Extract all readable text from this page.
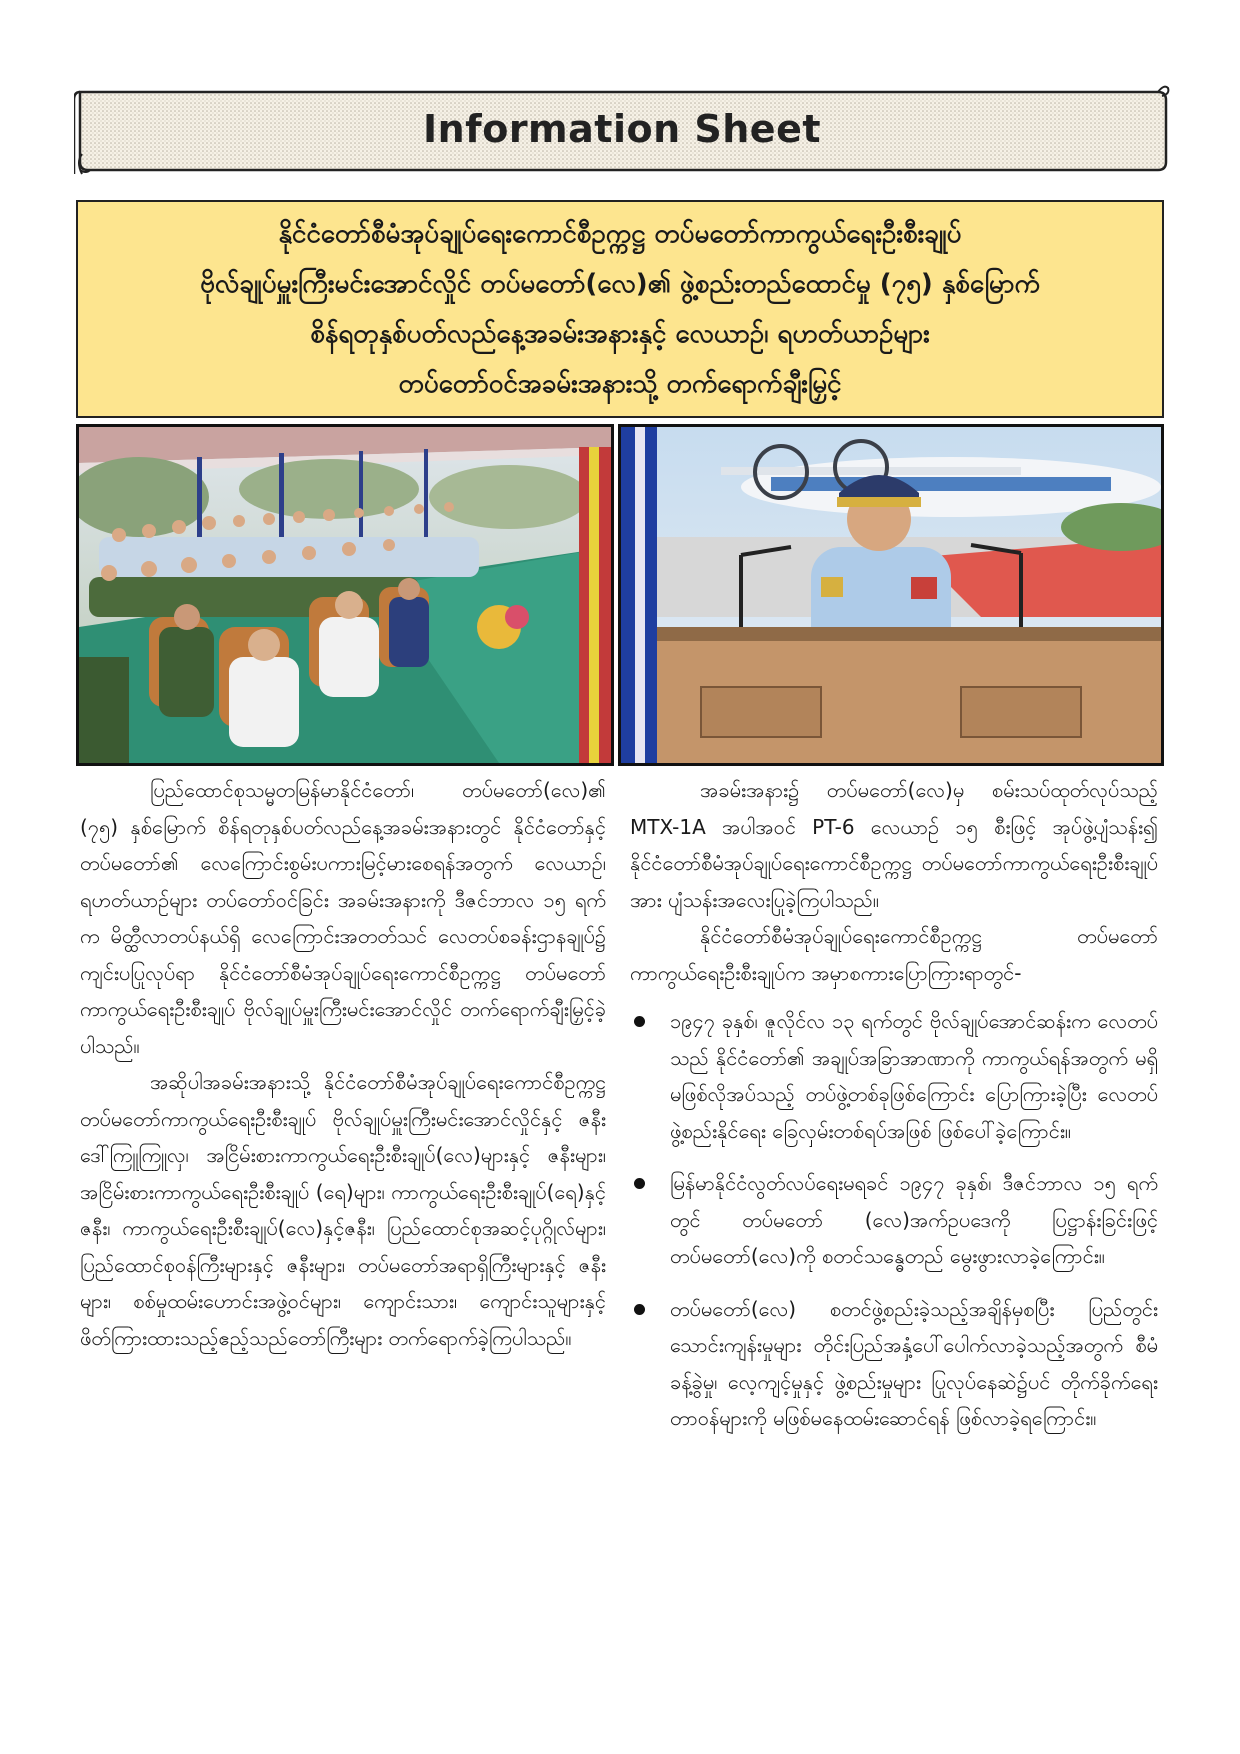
Information Sheet
နိုင်ငံတော်စီမံအုပ်ချုပ်ရေးကောင်စီဥက္ကဋ္ဌ တပ်မတော်ကာကွယ်ရေးဦးစီးချုပ်
ဗိုလ်ချုပ်မှူးကြီးမင်းအောင်လှိုင် တပ်မတော်(လေ)၏ ဖွဲ့စည်းတည်ထောင်မှု (၇၅) နှစ်မြောက်
စိန်ရတုနှစ်ပတ်လည်နေ့အခမ်းအနားနှင့် လေယာဉ်၊ ရဟတ်ယာဉ်များ
တပ်တော်ဝင်အခမ်းအနားသို့ တက်ရောက်ချီးမြှင့်

ပြည်ထောင်စုသမ္မတမြန်မာနိုင်ငံတော်၊ တပ်မတော်(လေ)၏ (၇၅) နှစ်မြောက် စိန်ရတုနှစ်ပတ်လည်နေ့အခမ်းအနားတွင် နိုင်ငံတော်နှင့်တပ်မတော်၏ လေကြောင်းစွမ်းပကားမြင့်မားစေရန်အတွက် လေယာဉ်၊ ရဟတ်ယာဉ်များ တပ်တော်ဝင်ခြင်း အခမ်းအနားကို ဒီဇင်ဘာလ ၁၅ ရက်က မိတ္ထီလာတပ်နယ်ရှိ လေကြောင်းအတတ်သင် လေတပ်စခန်းဌာနချုပ်၌ ကျင်းပပြုလုပ်ရာ နိုင်ငံတော်စီမံအုပ်ချုပ်ရေးကောင်စီဥက္ကဋ္ဌ တပ်မတော်ကာကွယ်ရေးဦးစီးချုပ် ဗိုလ်ချုပ်မှူးကြီးမင်းအောင်လှိုင် တက်ရောက်ချီးမြှင့်ခဲ့ပါသည်။

အဆိုပါအခမ်းအနားသို့ နိုင်ငံတော်စီမံအုပ်ချုပ်ရေးကောင်စီဥက္ကဋ္ဌ တပ်မတော်ကာကွယ်ရေးဦးစီးချုပ် ဗိုလ်ချုပ်မှူးကြီးမင်းအောင်လှိုင်နှင့် ဇနီး ဒေါ်ကြူကြူလှ၊ အငြိမ်းစားကာကွယ်ရေးဦးစီးချုပ်(လေ)များနှင့် ဇနီးများ၊ အငြိမ်းစားကာကွယ်ရေးဦးစီးချုပ် (ရေ)များ၊ ကာကွယ်ရေးဦးစီးချုပ်(ရေ)နှင့် ဇနီး၊ ကာကွယ်ရေးဦးစီးချုပ်(လေ)နှင့်ဇနီး၊ ပြည်ထောင်စုအဆင့်ပုဂ္ဂိုလ်များ၊ ပြည်ထောင်စုဝန်ကြီးများနှင့် ဇနီးများ၊ တပ်မတော်အရာရှိကြီးများနှင့် ဇနီးများ၊ စစ်မှုထမ်းဟောင်းအဖွဲ့ဝင်များ၊ ကျောင်းသား၊ ကျောင်းသူများနှင့် ဖိတ်ကြားထားသည့်ဧည့်သည်တော်ကြီးများ တက်ရောက်ခဲ့ကြပါသည်။

အခမ်းအနား၌ တပ်မတော်(လေ)မှ စမ်းသပ်ထုတ်လုပ်သည့် MTX-1A အပါအဝင် PT-6 လေယာဉ် ၁၅ စီးဖြင့် အုပ်ဖွဲ့ပျံသန်း၍ နိုင်ငံတော်စီမံအုပ်ချုပ်ရေးကောင်စီဥက္ကဋ္ဌ တပ်မတော်ကာကွယ်ရေးဦးစီးချုပ်အား ပျံသန်းအလေးပြုခဲ့ကြပါသည်။

နိုင်ငံတော်စီမံအုပ်ချုပ်ရေးကောင်စီဥက္ကဋ္ဌ တပ်မတော်ကာကွယ်ရေးဦးစီးချုပ်က အမှာစကားပြောကြားရာတွင်-

၁၉၄၇ ခုနှစ်၊ ဇူလိုင်လ ၁၃ ရက်တွင် ဗိုလ်ချုပ်အောင်ဆန်းက လေတပ်သည် နိုင်ငံတော်၏ အချုပ်အခြာအာဏာကို ကာကွယ်ရန်အတွက် မရှိမဖြစ်လိုအပ်သည့် တပ်ဖွဲ့တစ်ခုဖြစ်ကြောင်း ပြောကြားခဲ့ပြီး လေတပ်ဖွဲ့စည်းနိုင်ရေး ခြေလှမ်းတစ်ရပ်အဖြစ် ဖြစ်ပေါ်ခဲ့ကြောင်း။
မြန်မာနိုင်ငံလွတ်လပ်ရေးမရခင် ၁၉၄၇ ခုနှစ်၊ ဒီဇင်ဘာလ ၁၅ ရက်တွင် တပ်မတော် (လေ)အက်ဥပဒေကို ပြဋ္ဌာန်းခြင်းဖြင့် တပ်မတော်(လေ)ကို စတင်သန္ဓေတည် မွေးဖွားလာခဲ့ကြောင်း။
တပ်မတော်(လေ) စတင်ဖွဲ့စည်းခဲ့သည့်အချိန်မှစပြီး ပြည်တွင်းသောင်းကျန်းမှုများ တိုင်းပြည်အနှံ့ပေါ်ပေါက်လာခဲ့သည့်အတွက် စီမံခန့်ခွဲမှု၊ လေ့ကျင့်မှုနှင့် ဖွဲ့စည်းမှုများ ပြုလုပ်နေဆဲ၌ပင် တိုက်ခိုက်ရေးတာဝန်များကို မဖြစ်မနေထမ်းဆောင်ရန် ဖြစ်လာခဲ့ရကြောင်း။
